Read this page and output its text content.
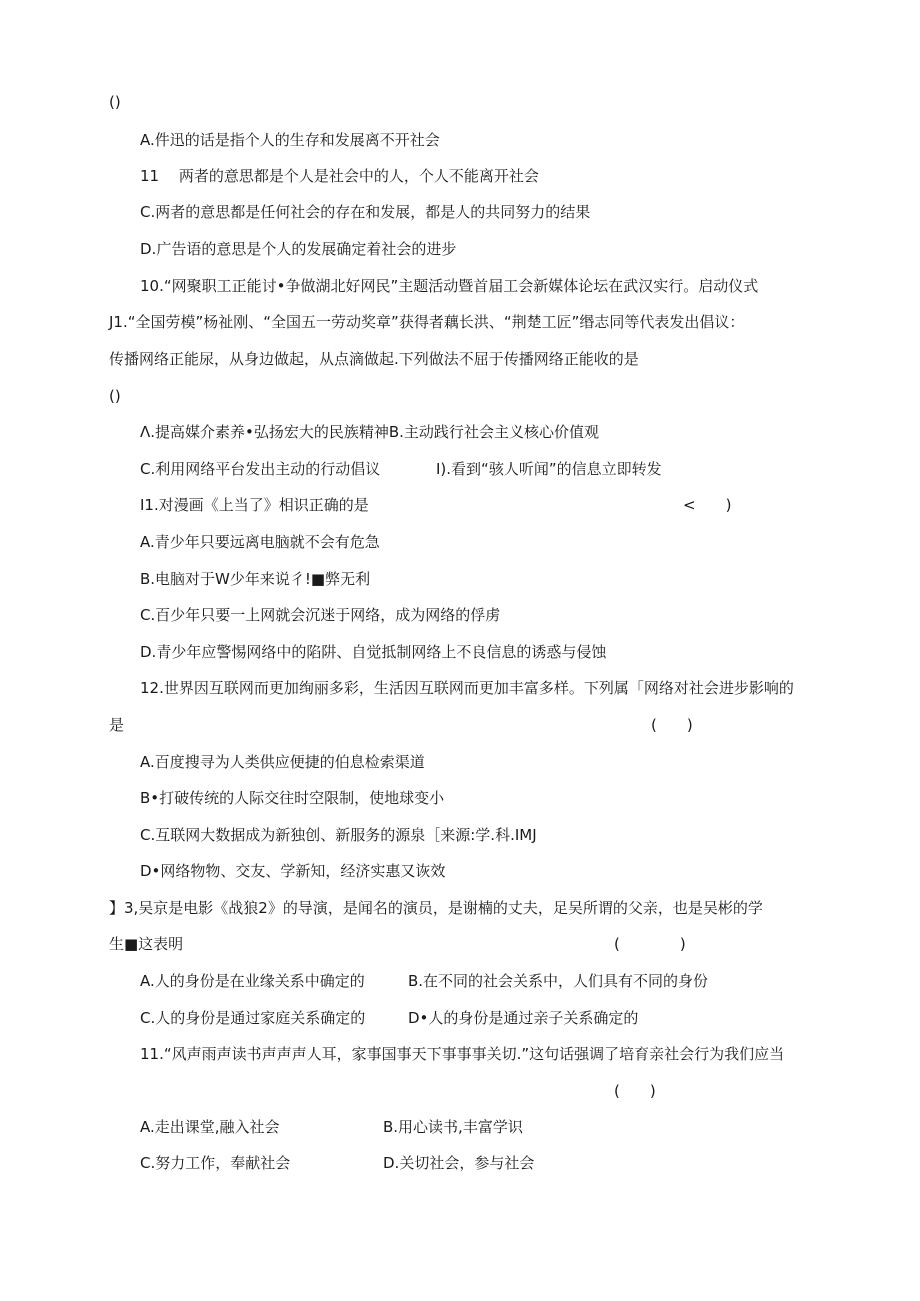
()
A.件迅的话是指个人的生存和发展离不开社会
11　 两者的意思都是个人是社会中的人，个人不能离开社会
C.两者的意思都是任何社会的存在和发展，都是人的共同努力的结果
D.广告语的意思是个人的发展确定着社会的进步
10.“网聚职工正能讨•争做湖北好网民”主题活动暨首届工会新媒体论坛在武汉实行。启动仪式
J1.“全国劳模”杨祉刚、“全国五一劳动奖章”获得者藕长洪、“荆楚工匠”缗志同等代表发出倡议：
传播网络正能尿，从身边做起，从点滴做起.下列做法不屈于传播网络正能收的是
()
Λ.提高媒介素养•弘扬宏大的民族精神B.主动践行社会主义核心价值观
C.利用网络平台发出主动的行动倡议	I).看到“骇人听闻”的信息立即转发
I1.对漫画《上当了》相识正确的是	<　　)
A.青少年只要远离电脑就不会有危急
B.电脑对于W少年来说彳!■弊无利
C.百少年只要一上网就会沉迷于网络，成为网络的俘虏
D.青少年应警惕网络中的陷阱、自觉抵制网络上不良信息的诱惑与侵蚀
12.世界因互联网而更加绚丽多彩，生活因互联网而更加丰富多样。下列属「网络对社会进步影响的
是	(　　)
A.百度搜寻为人类供应便捷的伯息检索渠道
B•打破传统的人际交往时空限制，使地球变小
C.互联网大数据成为新独创、新服务的源泉［来源:学.科.IMJ
D•网络物物、交友、学新知，经济实惠又诙效
】3,吴京是电影《战狼2》的导演，是闻名的演员，是谢楠的丈夫，足吴所谓的父亲，也是吴彬的学
生■这表明	(　　　　)
A.人的身份是在业缘关系中确定的	B.在不同的社会关系中，人们具有不同的身份
C.人的身份是通过家庭关系确定的	D•人的身份是通过亲子关系确定的
11.“风声雨声读书声声声人耳，家事国事天下事事事关切.”这句话强调了培育亲社会行为我们应当
(　　)
A.走出课堂,融入社会	B.用心读书,丰富学识
C.努力工作，奉献社会	D.关切社会，参与社会
